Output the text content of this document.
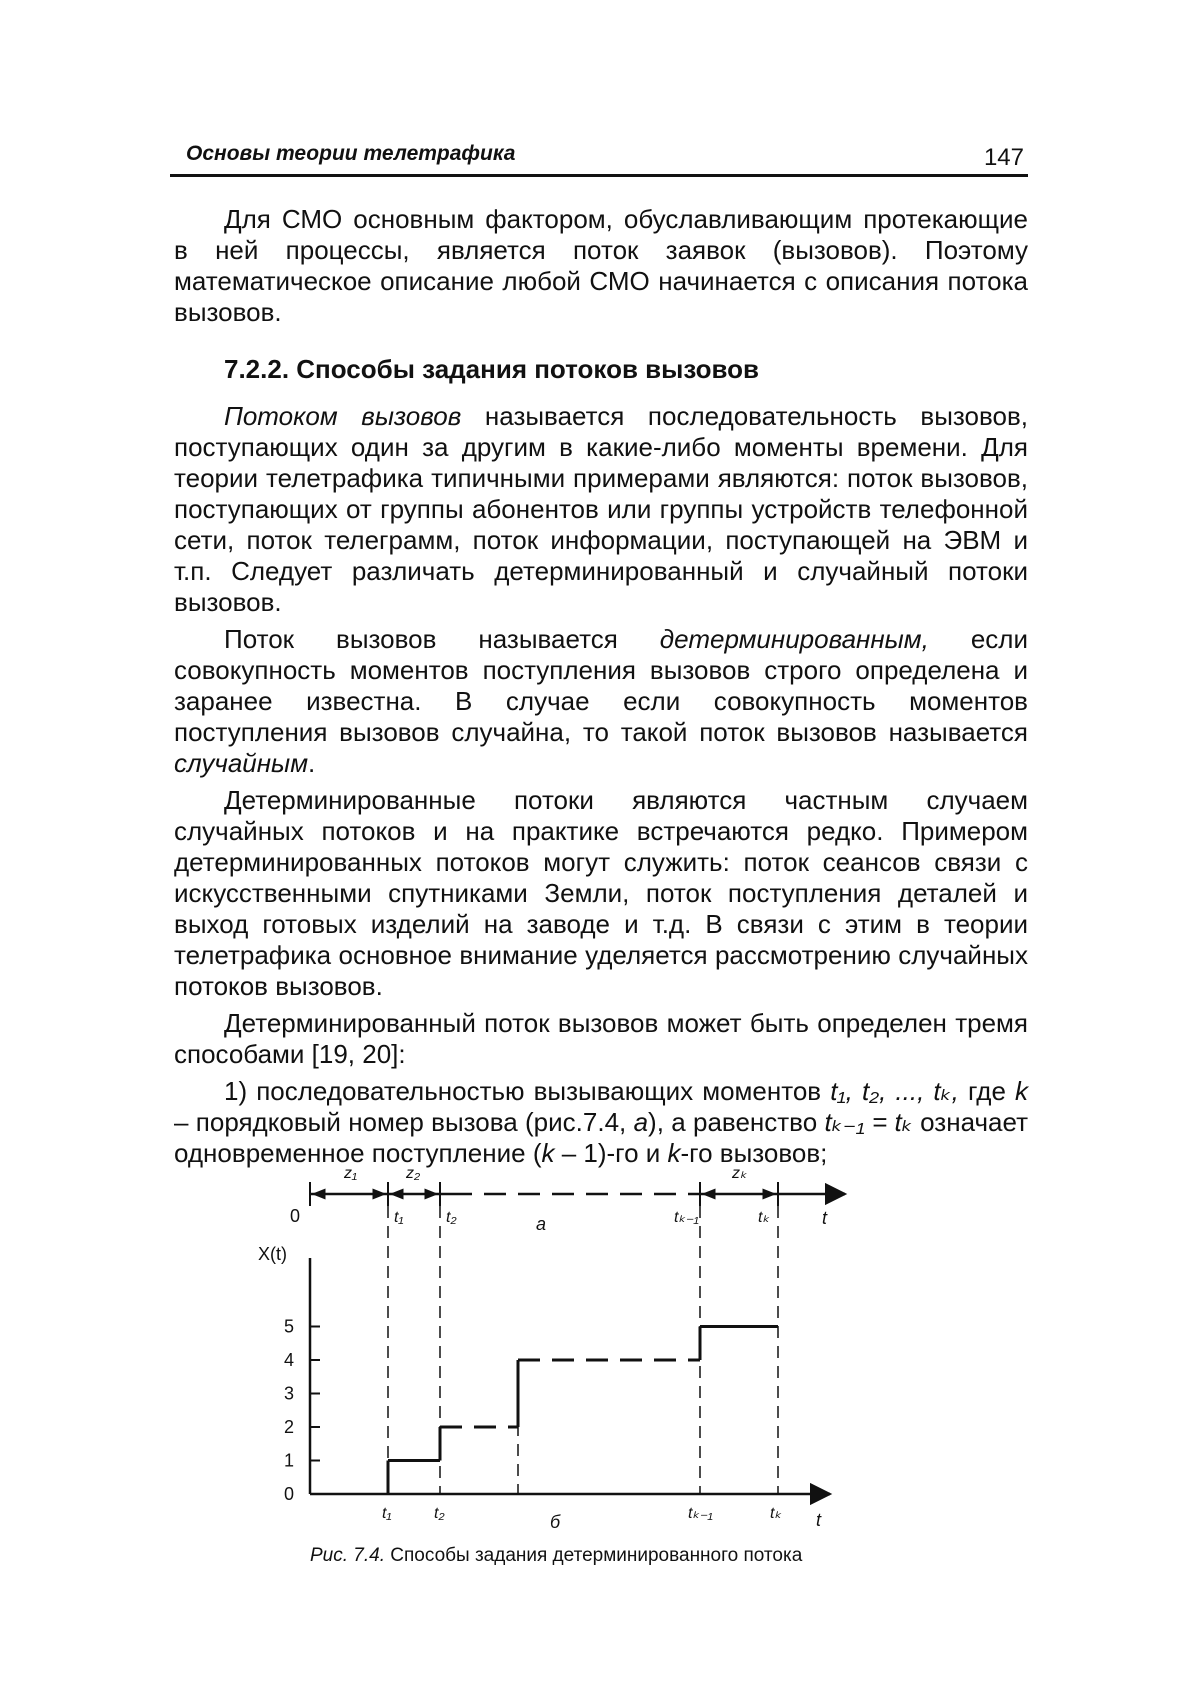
Основы теории телетрафика	147

Для СМО основным фактором, обуславливающим протекающие в ней процессы, является поток заявок (вызовов). Поэтому математическое описание любой СМО начинается с описания потока вызовов.

7.2.2. Способы задания потоков вызовов

Потоком вызовов называется последовательность вызовов, поступающих один за другим в какие-либо моменты времени. Для теории телетрафика типичными примерами являются: поток вызовов, поступающих от группы абонентов или группы устройств телефонной сети, поток телеграмм, поток информации, поступающей на ЭВМ и т.п. Следует различать детерминированный и случайный потоки вызовов.

Поток вызовов называется детерминированным, если совокупность моментов поступления вызовов строго определена и заранее известна. В случае если совокупность моментов поступления вызовов случайна, то такой поток вызовов называется случайным.

Детерминированные потоки являются частным случаем случайных потоков и на практике встречаются редко. Примером детерминированных потоков могут служить: поток сеансов связи с искусственными спутниками Земли, поток поступления деталей и выход готовых изделий на заводе и т.д. В связи с этим в теории телетрафика основное внимание уделяется рассмотрению случайных потоков вызовов.

Детерминированный поток вызовов может быть определен тремя способами [19, 20]:

1) последовательностью вызывающих моментов t₁, t₂, ..., tₖ, где k – порядковый номер вызова (рис.7.4, а), а равенство tₖ₋₁ = tₖ означает одновременное поступление (k – 1)-го и k-го вызовов;

z₁	z₂	zₖ
0	t₁	t₂	tₖ₋₁	tₖ	t
а
X(t)
0
1
2
3
4
5
t₁	t₂	tₖ₋₁	tₖ t
б
Рис. 7.4. Способы задания детерминированного потока
